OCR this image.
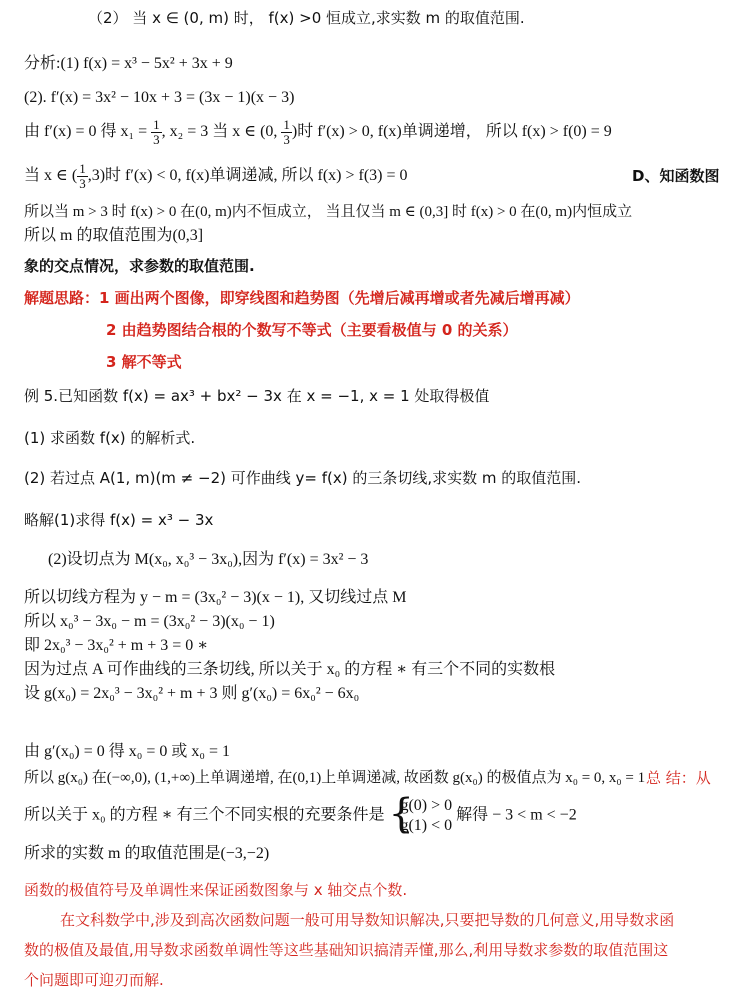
（2） 当 x ∈ (0, m) 时， f(x) >0 恒成立,求实数 m 的取值范围.
分析:(1) f(x) = x³ − 5x² + 3x + 9
(2). f′(x) = 3x² − 10x + 3 = (3x − 1)(x − 3)
由 f′(x) = 0 得 $x_1 = \frac{1}{3}$ , x₂ = 3 当 x ∈ (0, $\frac{1}{3}$ )时 f′(x) > 0, f(x)单调递增， 所以 f(x) > f(0) = 9
当 x ∈ ( $\frac{1}{3} ,3$)时 f′(x) < 0, f(x)单调递减, 所以 f(x) > f(3) = 0	D、知函数图
所以当 m > 3 时 f(x) > 0 在(0, m)内不恒成立， 当且仅当 m ∈ (0,3] 时 f(x) > 0 在(0, m)内恒成立
所以 m 的取值范围为(0,3]
象的交点情况，求参数的取值范围.
解题思路：1 画出两个图像，即穿线图和趋势图（先增后减再增或者先减后增再减）
2 由趋势图结合根的个数写不等式（主要看极值与 0 的关系）
3 解不等式
例 5.已知函数 f(x) = ax³ + bx² − 3x 在 x = −1, x = 1 处取得极值
(1) 求函数 f(x) 的解析式.
(2) 若过点 A(1, m)(m ≠ −2) 可作曲线 y= f(x) 的三条切线,求实数 m 的取值范围.
略解(1)求得 f(x) = x³ − 3x
(2)设切点为 M(x₀, x₀³ − 3x₀),因为 f′(x) = 3x² − 3
所以切线方程为 y − m = (3x₀² − 3)(x − 1), 又切线过点 M
所以 x₀³ − 3x₀ − m = (3x₀² − 3)(x₀ − 1)
即 2x₀³ − 3x₀² + m + 3 = 0 ∗
因为过点 A 可作曲线的三条切线, 所以关于 x₀ 的方程 ∗ 有三个不同的实数根
设 g(x₀) = 2x₀³ − 3x₀² + m + 3 则 g′(x₀) = 6x₀² − 6x₀
由 g′(x₀) = 0 得 x₀ = 0 或 x₀ = 1
所以 g(x₀) 在(−∞,0), (1,+∞)上单调递增, 在(0,1)上单调递减, 故函数 g(x₀) 的极值点为 x₀ = 0, x₀ = 1 总 结：从
所以关于 x₀ 的方程 ∗ 有三个不同实根的充要条件是 {
g(0) > 0
g(1) < 0
解得 − 3 < m < −2
所求的实数 m 的取值范围是(−3,−2)
函数的极值符号及单调性来保证函数图象与 x 轴交点个数.
在文科数学中,涉及到高次函数问题一般可用导数知识解决,只要把导数的几何意义,用导数求函
数的极值及最值,用导数求函数单调性等这些基础知识搞清弄懂,那么,利用导数求参数的取值范围这
个问题即可迎刃而解.
